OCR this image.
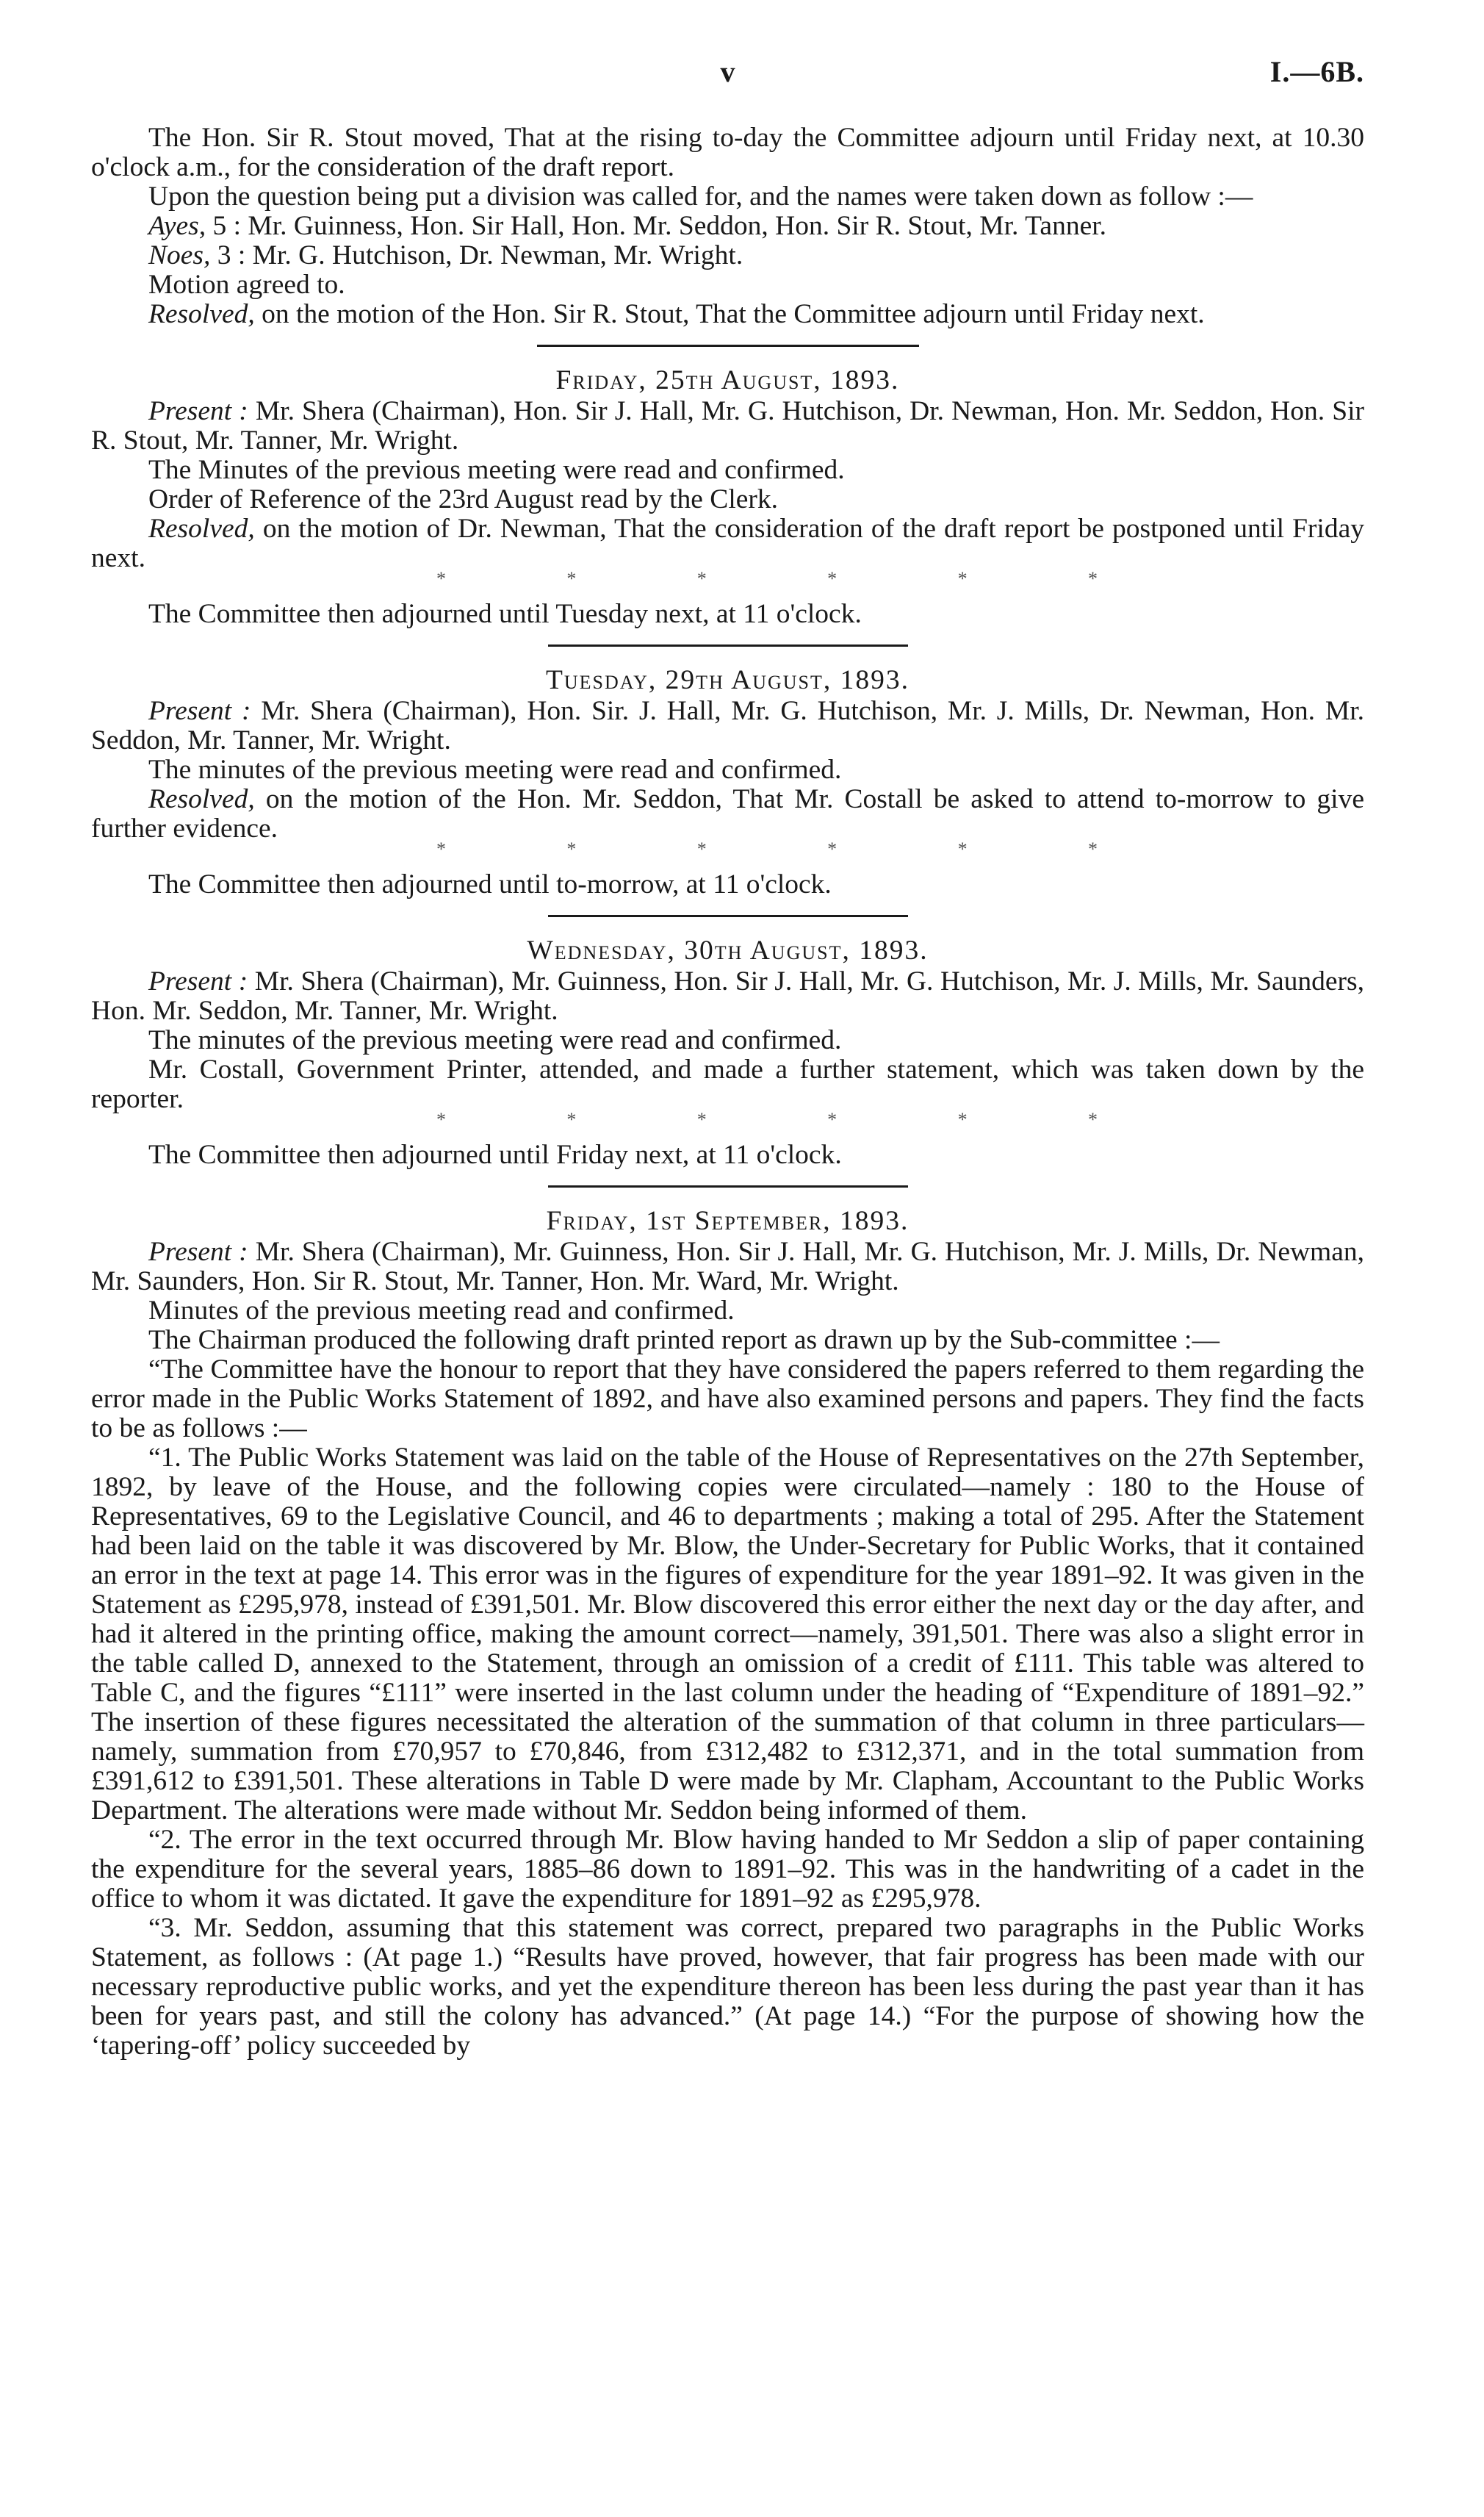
v	I.—6B.

The Hon. Sir R. Stout moved, That at the rising to-day the Committee adjourn until Friday next, at 10.30 o'clock a.m., for the consideration of the draft report.

Upon the question being put a division was called for, and the names were taken down as follow :—

Ayes, 5 : Mr. Guinness, Hon. Sir Hall, Hon. Mr. Seddon, Hon. Sir R. Stout, Mr. Tanner.

Noes, 3 : Mr. G. Hutchison, Dr. Newman, Mr. Wright.

Motion agreed to.

Resolved, on the motion of the Hon. Sir R. Stout, That the Committee adjourn until Friday next.

Friday, 25th August, 1893.

Present : Mr. Shera (Chairman), Hon. Sir J. Hall, Mr. G. Hutchison, Dr. Newman, Hon. Mr. Seddon, Hon. Sir R. Stout, Mr. Tanner, Mr. Wright.

The Minutes of the previous meeting were read and confirmed.

Order of Reference of the 23rd August read by the Clerk.

Resolved, on the motion of Dr. Newman, That the consideration of the draft report be postponed until Friday next.

*	*	*	*	*	*

The Committee then adjourned until Tuesday next, at 11 o'clock.

Tuesday, 29th August, 1893.

Present : Mr. Shera (Chairman), Hon. Sir. J. Hall, Mr. G. Hutchison, Mr. J. Mills, Dr. Newman, Hon. Mr. Seddon, Mr. Tanner, Mr. Wright.

The minutes of the previous meeting were read and confirmed.

Resolved, on the motion of the Hon. Mr. Seddon, That Mr. Costall be asked to attend to-morrow to give further evidence.

*	*	*	*	*	*

The Committee then adjourned until to-morrow, at 11 o'clock.

Wednesday, 30th August, 1893.

Present : Mr. Shera (Chairman), Mr. Guinness, Hon. Sir J. Hall, Mr. G. Hutchison, Mr. J. Mills, Mr. Saunders, Hon. Mr. Seddon, Mr. Tanner, Mr. Wright.

The minutes of the previous meeting were read and confirmed.

Mr. Costall, Government Printer, attended, and made a further statement, which was taken down by the reporter.

*	*	*	*	*	*

The Committee then adjourned until Friday next, at 11 o'clock.

Friday, 1st September, 1893.

Present : Mr. Shera (Chairman), Mr. Guinness, Hon. Sir J. Hall, Mr. G. Hutchison, Mr. J. Mills, Dr. Newman, Mr. Saunders, Hon. Sir R. Stout, Mr. Tanner, Hon. Mr. Ward, Mr. Wright.

Minutes of the previous meeting read and confirmed.

The Chairman produced the following draft printed report as drawn up by the Sub-committee :—

“The Committee have the honour to report that they have considered the papers referred to them regarding the error made in the Public Works Statement of 1892, and have also examined persons and papers. They find the facts to be as follows :—

“1. The Public Works Statement was laid on the table of the House of Representatives on the 27th September, 1892, by leave of the House, and the following copies were circulated—namely : 180 to the House of Representatives, 69 to the Legislative Council, and 46 to departments ; making a total of 295. After the Statement had been laid on the table it was discovered by Mr. Blow, the Under-Secretary for Public Works, that it contained an error in the text at page 14. This error was in the figures of expenditure for the year 1891–92. It was given in the Statement as £295,978, instead of £391,501. Mr. Blow discovered this error either the next day or the day after, and had it altered in the printing office, making the amount correct—namely, 391,501. There was also a slight error in the table called D, annexed to the Statement, through an omission of a credit of £111. This table was altered to Table C, and the figures “£111” were inserted in the last column under the heading of “Expenditure of 1891–92.” The insertion of these figures necessitated the alteration of the summation of that column in three particulars—namely, summation from £70,957 to £70,846, from £312,482 to £312,371, and in the total summation from £391,612 to £391,501. These alterations in Table D were made by Mr. Clapham, Accountant to the Public Works Department. The alterations were made without Mr. Seddon being informed of them.

“2. The error in the text occurred through Mr. Blow having handed to Mr Seddon a slip of paper containing the expenditure for the several years, 1885–86 down to 1891–92. This was in the handwriting of a cadet in the office to whom it was dictated. It gave the expenditure for 1891–92 as £295,978.

“3. Mr. Seddon, assuming that this statement was correct, prepared two paragraphs in the Public Works Statement, as follows : (At page 1.) “Results have proved, however, that fair progress has been made with our necessary reproductive public works, and yet the expenditure thereon has been less during the past year than it has been for years past, and still the colony has advanced.” (At page 14.) “For the purpose of showing how the ‘tapering-off’ policy succeeded by
